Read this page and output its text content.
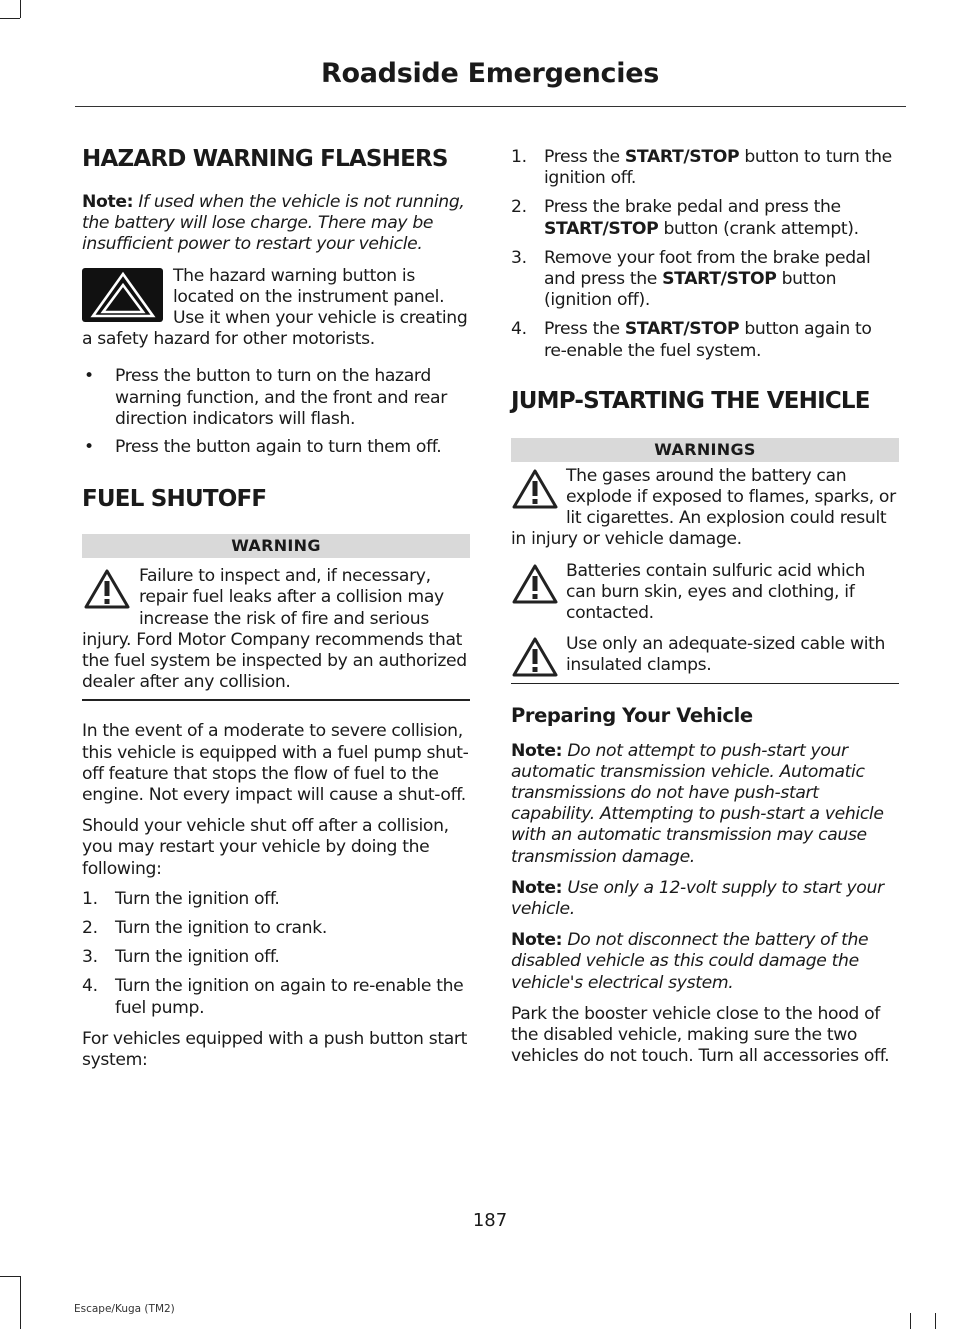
Roadside Emergencies
HAZARD WARNING FLASHERS

Note: If used when the vehicle is not running, the battery will lose charge. There may be insufficient power to restart your vehicle.

The hazard warning button is located on the instrument panel. Use it when your vehicle is creating a safety hazard for other motorists.

• Press the button to turn on the hazard warning function, and the front and rear direction indicators will flash.
• Press the button again to turn them off.
FUEL SHUTOFF
WARNING

Failure to inspect and, if necessary, repair fuel leaks after a collision may increase the risk of fire and serious injury. Ford Motor Company recommends that the fuel system be inspected by an authorized dealer after any collision.

In the event of a moderate to severe collision, this vehicle is equipped with a fuel pump shut-off feature that stops the flow of fuel to the engine. Not every impact will cause a shut-off.

Should your vehicle shut off after a collision, you may restart your vehicle by doing the following:

1. Turn the ignition off.
2. Turn the ignition to crank.
3. Turn the ignition off.
4. Turn the ignition on again to re-enable the fuel pump.

For vehicles equipped with a push button start system:

1. Press the START/STOP button to turn the ignition off.
2. Press the brake pedal and press the START/STOP button (crank attempt).
3. Remove your foot from the brake pedal and press the START/STOP button (ignition off).
4. Press the START/STOP button again to re-enable the fuel system.
JUMP-STARTING THE VEHICLE
WARNINGS

The gases around the battery can explode if exposed to flames, sparks, or lit cigarettes. An explosion could result in injury or vehicle damage.

Batteries contain sulfuric acid which can burn skin, eyes and clothing, if contacted.

Use only an adequate-sized cable with insulated clamps.

Preparing Your Vehicle

Note: Do not attempt to push-start your automatic transmission vehicle. Automatic transmissions do not have push-start capability. Attempting to push-start a vehicle with an automatic transmission may cause transmission damage.

Note: Use only a 12-volt supply to start your vehicle.

Note: Do not disconnect the battery of the disabled vehicle as this could damage the vehicle's electrical system.

Park the booster vehicle close to the hood of the disabled vehicle, making sure the two vehicles do not touch. Turn all accessories off.

187
Escape/Kuga (TM2)
